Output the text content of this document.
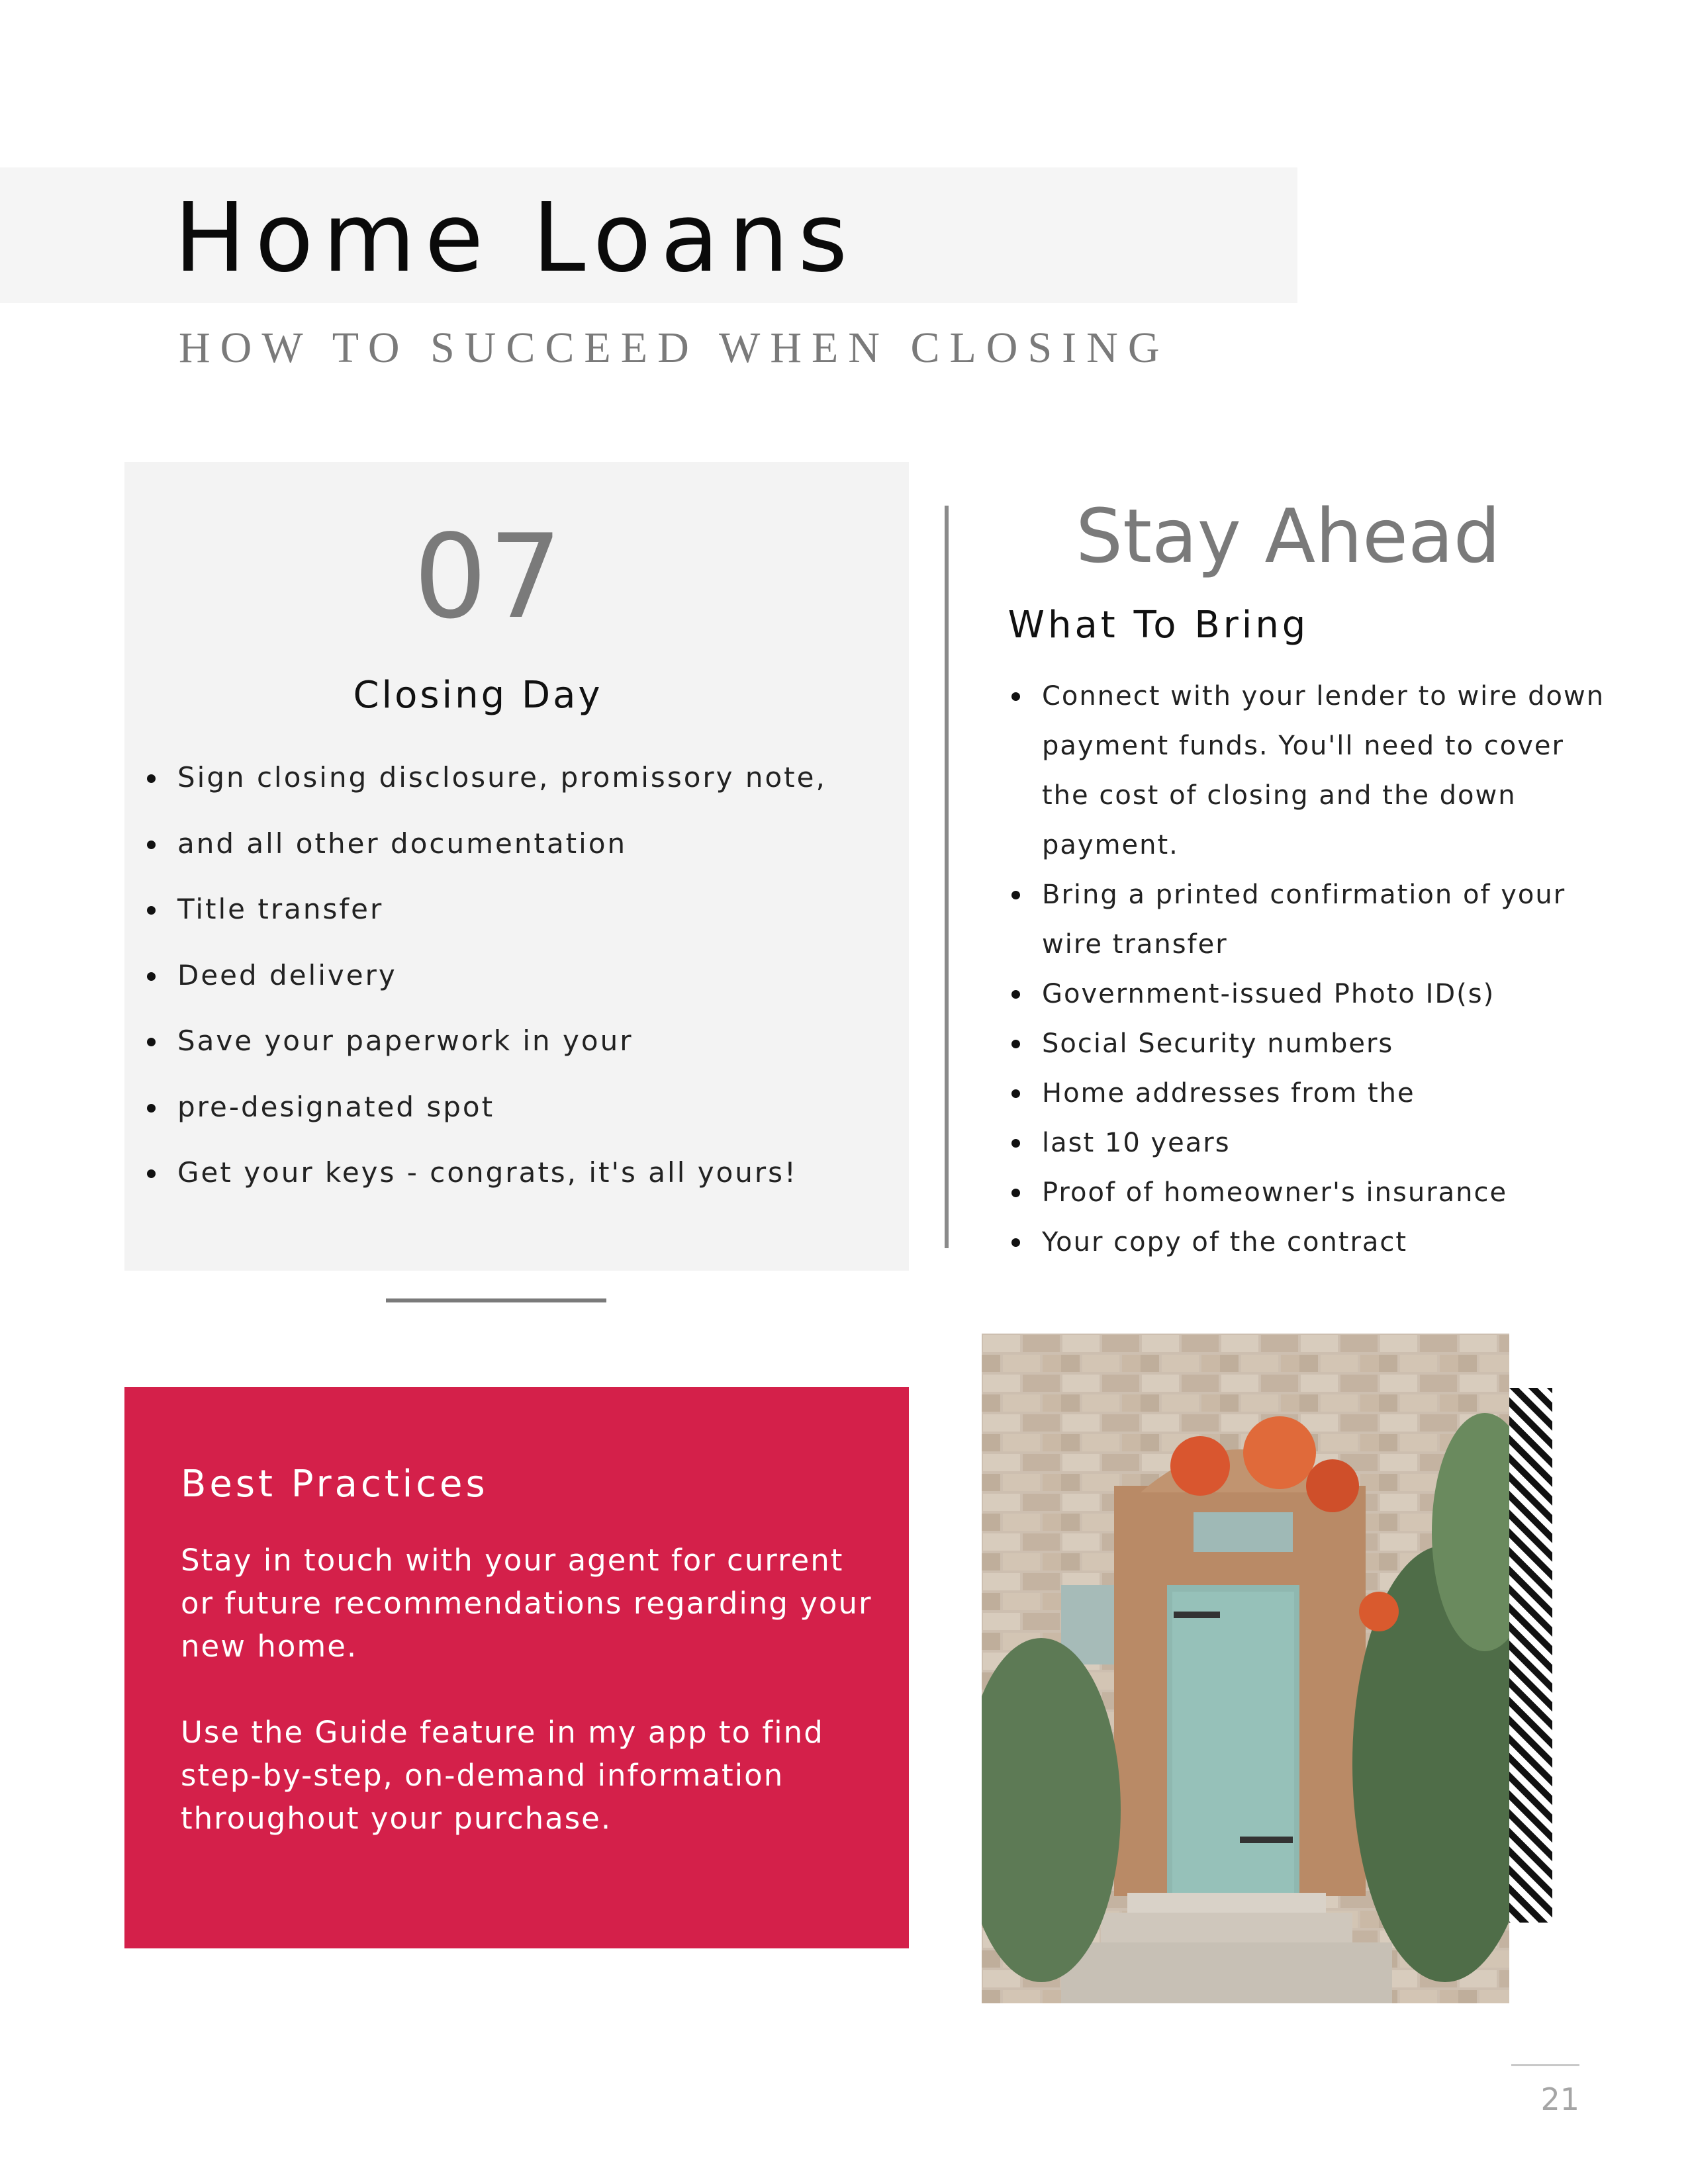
Home Loans
HOW TO SUCCEED WHEN CLOSING
07
Closing Day
Sign closing disclosure, promissory note,
and all other documentation
Title transfer
Deed delivery
Save your paperwork in your
pre-designated spot
Get your keys - congrats, it's all yours!
Stay Ahead
What To Bring
Connect with your lender to wire down payment funds. You'll need to cover the cost of closing and the down payment.
Bring a printed confirmation of your wire transfer
Government-issued Photo ID(s)
Social Security numbers
Home addresses from the
last 10 years
Proof of homeowner's insurance
Your copy of the contract
Best Practices

Stay in touch with your agent for current or future recommendations regarding your new home.

Use the Guide feature in my app to find step-by-step, on-demand information throughout your purchase.

21
